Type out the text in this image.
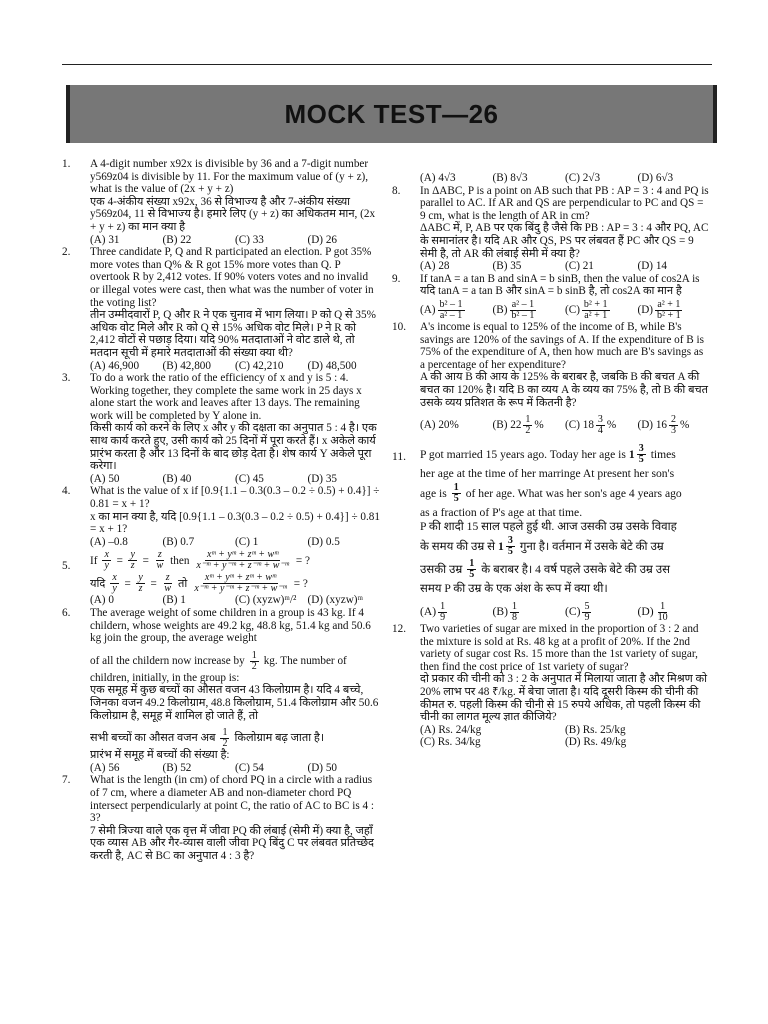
MOCK TEST—26
1. A 4-digit number x92x is divisible by 36 and a 7-digit number y569z04 is divisible by 11. For the maximum value of (y + z), what is the value of (2x + y + z)
एक 4-अंकीय संख्या x92x, 36 से विभाज्य है और 7-अंकीय संख्या y569z04, 11 से विभाज्य है। हमारे लिए (y + z) का अधिकतम मान, (2x + y + z) का मान क्या है
(A) 31	(B) 22	(C) 33	(D) 26
2. Three candidate P, Q and R participated an election. P got 35% more votes than Q% & R got 15% more votes than Q. P overtook R by 2,412 votes. If 90% voters votes and no invalid or illegal votes were cast, then what was the number of voter in the voting list?
तीन उम्मीदवारों P, Q और R ने एक चुनाव में भाग लिया। P को Q से 35% अधिक वोट मिले और R को Q से 15% अधिक वोट मिले। P ने R को 2,412 वोटों से पछाड़ दिया। यदि 90% मतदाताओं ने वोट डाले थे, तो मतदान सूची में हमारे मतदाताओं की संख्या क्या थी?
(A) 46,900	(B) 42,800	(C) 42,210	(D) 48,500
3. To do a work the ratio of the efficiency of x and y is 5 : 4. Working together, they complete the same work in 25 days x alone start the work and leaves after 13 days. The remaining work will be completed by Y alone in.
किसी कार्य को करने के लिए x और y की दक्षता का अनुपात 5 : 4 है। एक साथ कार्य करते हुए, उसी कार्य को 25 दिनों में पूरा करते हैं। x अकेले कार्य प्रारंभ करता है और 13 दिनों के बाद छोड़ देता है। शेष कार्य Y अकेले पूरा करेगा।
(A) 50	(B) 40	(C) 45	(D) 35
4. What is the value of x if [0.9{1.1 – 0.3(0.3 – 0.2 ÷ 0.5) + 0.4}] ÷ 0.81 = x + 1?
x का मान क्या है, यदि [0.9{1.1 – 0.3(0.3 – 0.2 ÷ 0.5) + 0.4}] ÷ 0.81 = x + 1?
(A) –0.8	(B) 0.7	(C) 1	(D) 0.5
5. If $\frac{x}{y} = \frac{y}{z} = \frac{z}{w}$ then $\frac{\text{xᵐ + yᵐ + zᵐ + wᵐ}}{\text{x⁻ᵐ + y⁻ᵐ + z⁻ᵐ + w⁻ᵐ}}$ = ?
यदि $\frac{x}{y} = \frac{y}{z} = \frac{z}{w}$ तो $\frac{\text{xᵐ + yᵐ + zᵐ + wᵐ}}{\text{x⁻ᵐ + y⁻ᵐ + z⁻ᵐ + w⁻ᵐ}}$ = ?
(A) 0	(B) 1	(C) (xyzw)ᵐ/² (D) (xyzw)ᵐ
6. The average weight of some children in a group is 43 kg. If 4 childern, whose weights are 49.2 kg, 48.8 kg, 51.4 kg and 50.6 kg join the group, the average weight
of all the childern now increase by $\frac{1}{2}$ kg. The number of
children, initially, in the group is:
एक समूह में कुछ बच्चों का औसत वजन 43 किलोग्राम है। यदि 4 बच्चे, जिनका वजन 49.2 किलोग्राम, 48.8 किलोग्राम, 51.4 किलोग्राम और 50.6 किलोग्राम है, समूह में शामिल हो जाते हैं, तो
सभी बच्चों का औसत वजन अब $\frac{1}{2}$ किलोग्राम बढ़ जाता है।
प्रारंभ में समूह में बच्चों की संख्या है:
(A) 56	(B) 52	(C) 54	(D) 50
7. What is the length (in cm) of chord PQ in a circle with a radius of 7 cm, where a diameter AB and non-diameter chord PQ intersect perpendicularly at point C, the ratio of AC to BC is 4 : 3?
7 सेमी त्रिज्या वाले एक वृत्त में जीवा PQ की लंबाई (सेमी में) क्या है, जहाँ एक व्यास AB और गैर-व्यास वाली जीवा PQ बिंदु C पर लंबवत प्रतिच्छेद करती है, AC से BC का अनुपात 4 : 3 है?
(A) 4√3	(B) 8√3	(C) 2√3	(D) 6√3
8. In ΔABC, P is a point on AB such that PB : AP = 3 : 4 and PQ is parallel to AC. If AR and QS are perpendicular to PC and QS = 9 cm, what is the length of AR in cm?
ΔABC में, P, AB पर एक बिंदु है जैसे कि PB : AP = 3 : 4 और PQ, AC के समानांतर है। यदि AR और QS, PS पर लंबवत हैं PC और QS = 9 सेमी है, तो AR की लंबाई सेमी में क्या है?
(A) 28	(B) 35	(C) 21	(D) 14
9. If tanA = a tan B and sinA = b sinB, then the value of cos2A is
यदि tanA = a tan B और sinA = b sinB है, तो cos2A का मान है
$(A) \frac{\text{b² – 1}}{\text{a² – 1}} (B) \frac{\text{a² – 1}}{\text{b² – 1}}$	$(C) \frac{\text{b² + 1}}{\text{a² + 1}} (D) \frac{\text{a² + 1}}{\text{b² + 1}}$
10. A's income is equal to 125% of the income of B, while B's savings are 120% of the savings of A. If the expenditure of B is 75% of the expenditure of A, then how much are B's savings as a percentage of her expenditure?
A की आय B की आय के 125% के बराबर है, जबकि B की बचत A की बचत का 120% है। यदि B का व्यय A के व्यय का 75% है, तो B की बचत उसके व्यय प्रतिशत के रूप में कितनी है?
(A) 20%	(B) $22 \frac{1}{2}$ %	(C) $18 \frac{3}{4}$ %	(D) $16 \frac{2}{3}$ %
11. P got married 15 years ago. Today her age is $1 \frac{3}{5}$ times
her age at the time of her marringe At present her son's
age is $\frac{1}{5}$ of her age. What was her son's age 4 years ago
as a fraction of P's age at that time.
P की शादी 15 साल पहले हुई थी. आज उसकी उम्र उसके विवाह
के समय की उम्र से $1 \frac{3}{5}$ गुना है। वर्तमान में उसके बेटे की उम्र
उसकी उम्र $\frac{1}{5}$ के बराबर है। 4 वर्ष पहले उसके बेटे की उम्र उस
समय P की उम्र के एक अंश के रूप में क्या थी।
$(A) \frac{1}{9}$	$(B) \frac{1}{8}$	$(C) \frac{5}{9}$	$(D) \frac{1}{10}$
12. Two varieties of sugar are mixed in the proportion of 3 : 2 and the mixture is sold at Rs. 48 kg at a profit of 20%. If the 2nd variety of sugar cost Rs. 15 more than the 1st variety of sugar, then find the cost price of 1st variety of sugar?
दो प्रकार की चीनी को 3 : 2 के अनुपात में मिलाया जाता है और मिश्रण को 20% लाभ पर 48 ₹/kg. में बेचा जाता है। यदि दूसरी किस्म की चीनी की कीमत रु. पहली किस्म की चीनी से 15 रुपये अधिक, तो पहली किस्म की चीनी का लागत मूल्य ज्ञात कीजिये?
(A) Rs. 24/kg	(B) Rs. 25/kg
(C) Rs. 34/kg	(D) Rs. 49/kg
